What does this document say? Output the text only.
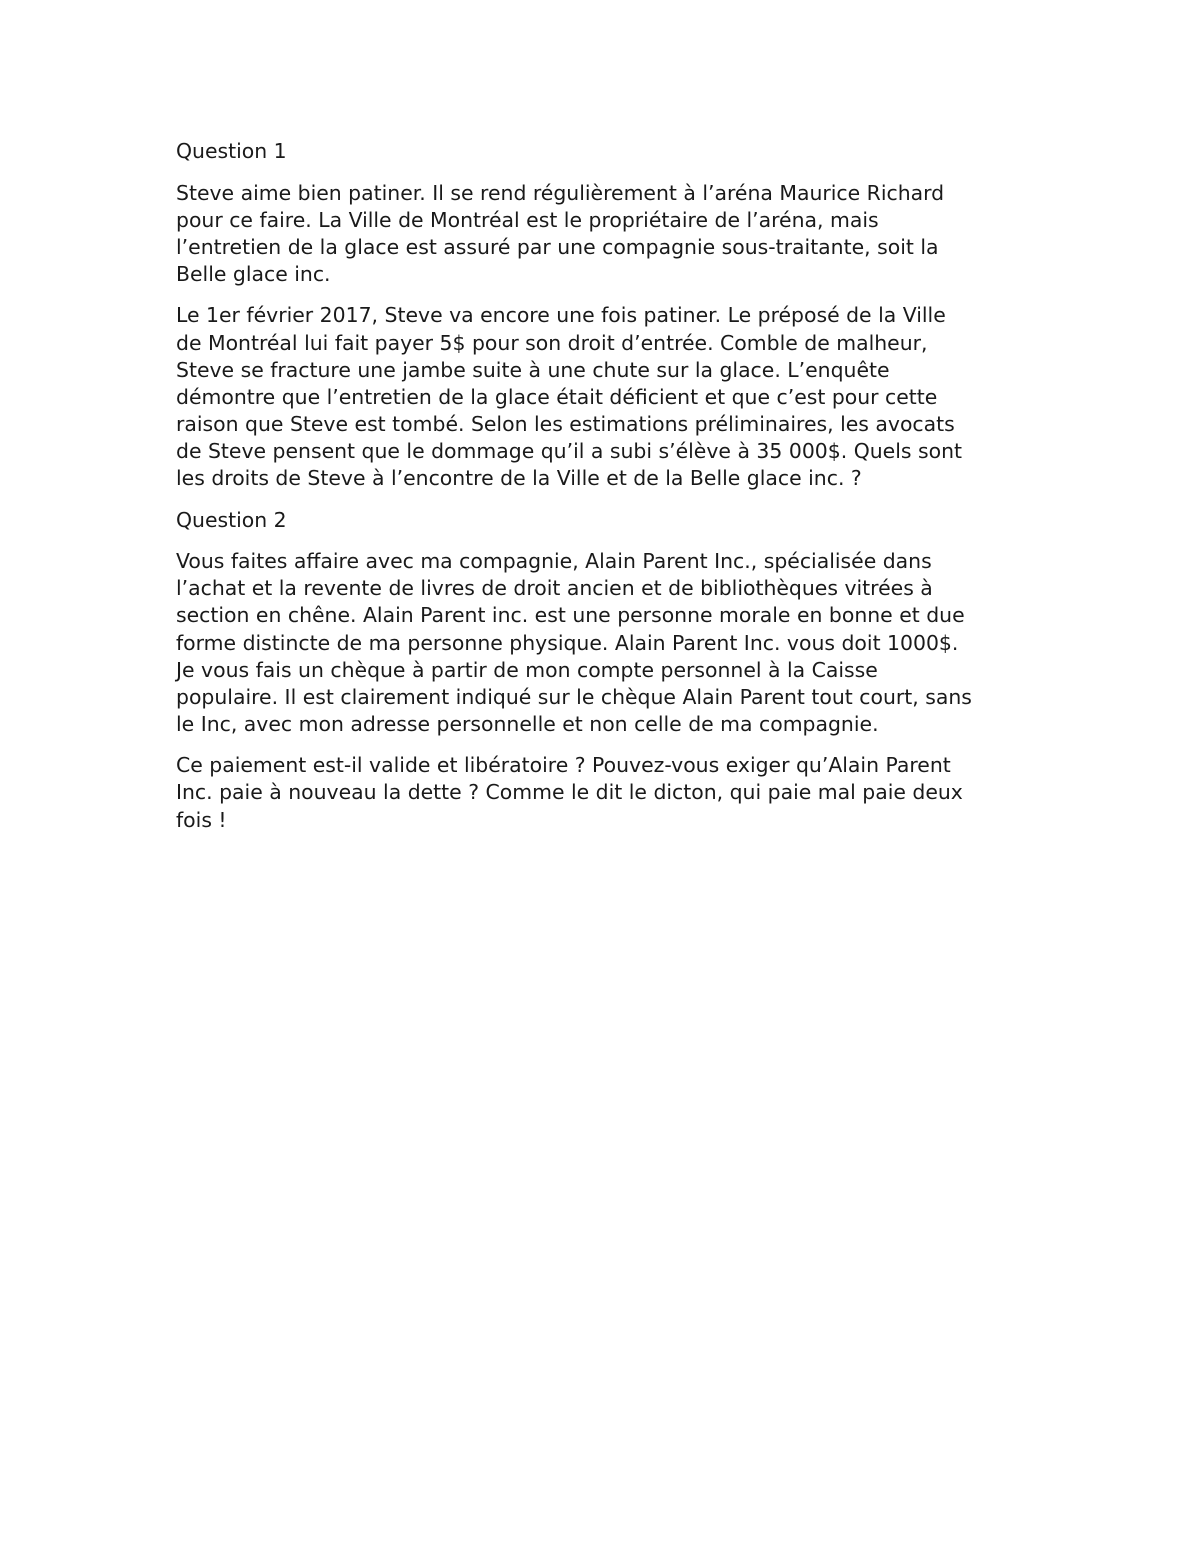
Question 1

Steve aime bien patiner. Il se rend régulièrement à l’aréna Maurice Richard
pour ce faire. La Ville de Montréal est le propriétaire de l’aréna, mais
l’entretien de la glace est assuré par une compagnie sous-traitante, soit la
Belle glace inc.

Le 1er février 2017, Steve va encore une fois patiner. Le préposé de la Ville
de Montréal lui fait payer 5$ pour son droit d’entrée. Comble de malheur,
Steve se fracture une jambe suite à une chute sur la glace. L’enquête
démontre que l’entretien de la glace était déficient et que c’est pour cette
raison que Steve est tombé. Selon les estimations préliminaires, les avocats
de Steve pensent que le dommage qu’il a subi s’élève à 35 000$. Quels sont
les droits de Steve à l’encontre de la Ville et de la Belle glace inc. ?

Question 2

Vous faites affaire avec ma compagnie, Alain Parent Inc., spécialisée dans
l’achat et la revente de livres de droit ancien et de bibliothèques vitrées à
section en chêne. Alain Parent inc. est une personne morale en bonne et due
forme distincte de ma personne physique. Alain Parent Inc. vous doit 1000$.
Je vous fais un chèque à partir de mon compte personnel à la Caisse
populaire. Il est clairement indiqué sur le chèque Alain Parent tout court, sans
le Inc, avec mon adresse personnelle et non celle de ma compagnie.

Ce paiement est-il valide et libératoire ? Pouvez-vous exiger qu’Alain Parent
Inc. paie à nouveau la dette ? Comme le dit le dicton, qui paie mal paie deux
fois !
